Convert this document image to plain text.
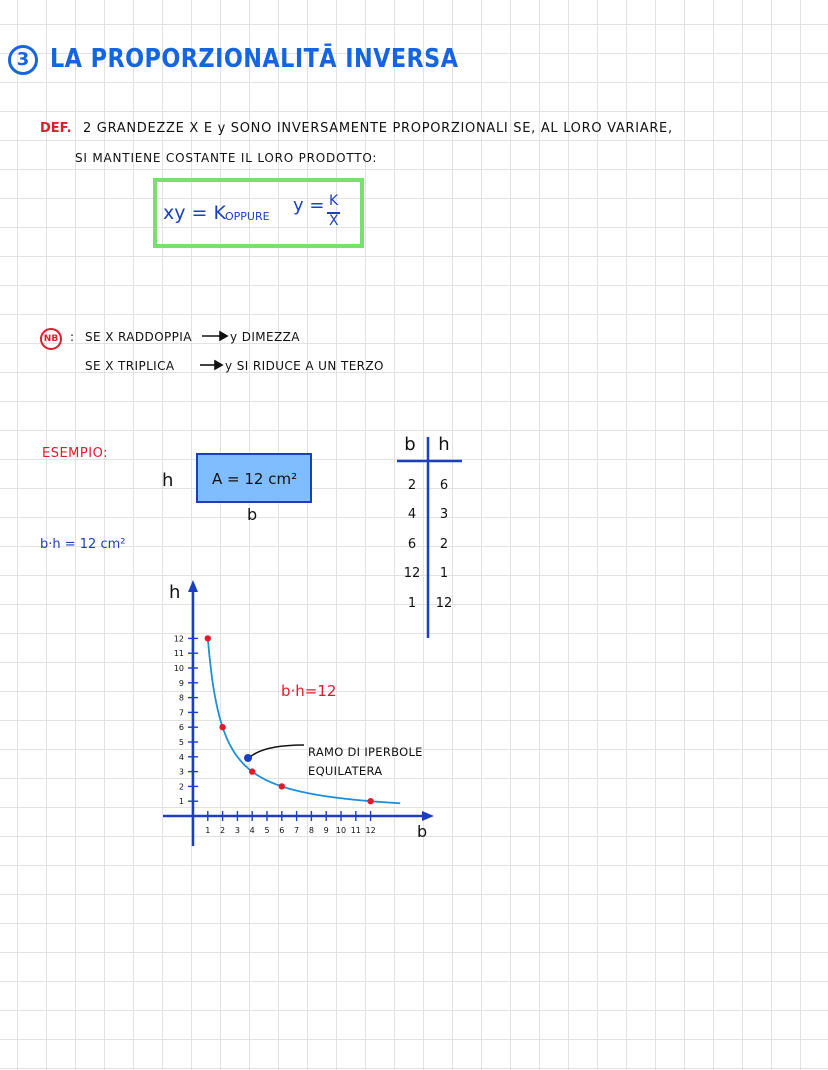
3 LA PROPORZIONALITĀ INVERSA
DEF. 2 GRANDEZZE X E y SONO INVERSAMENTE PROPORZIONALI SE, AL LORO VARIARE,
SI MANTIENE COSTANTE IL LORO PRODOTTO:
xy = K OPPURE
y = K
X
NB : SE X RADDOPPIA	y DIMEZZA
SE X TRIPLICA	y SI RIDUCE A UN TERZO
ESEMPIO:
A = 12 cm²
h
b
b·h = 12 cm²
b h
2	6
4	3
6	2
12	1
1	12
b·h=12
RAMO DI IPERBOLE EQUILATERA
h
b
1 2 3 4 5 6 7 8 9 10 11 12
1
2
3
4
5
6
7
8
9
10
11
12
